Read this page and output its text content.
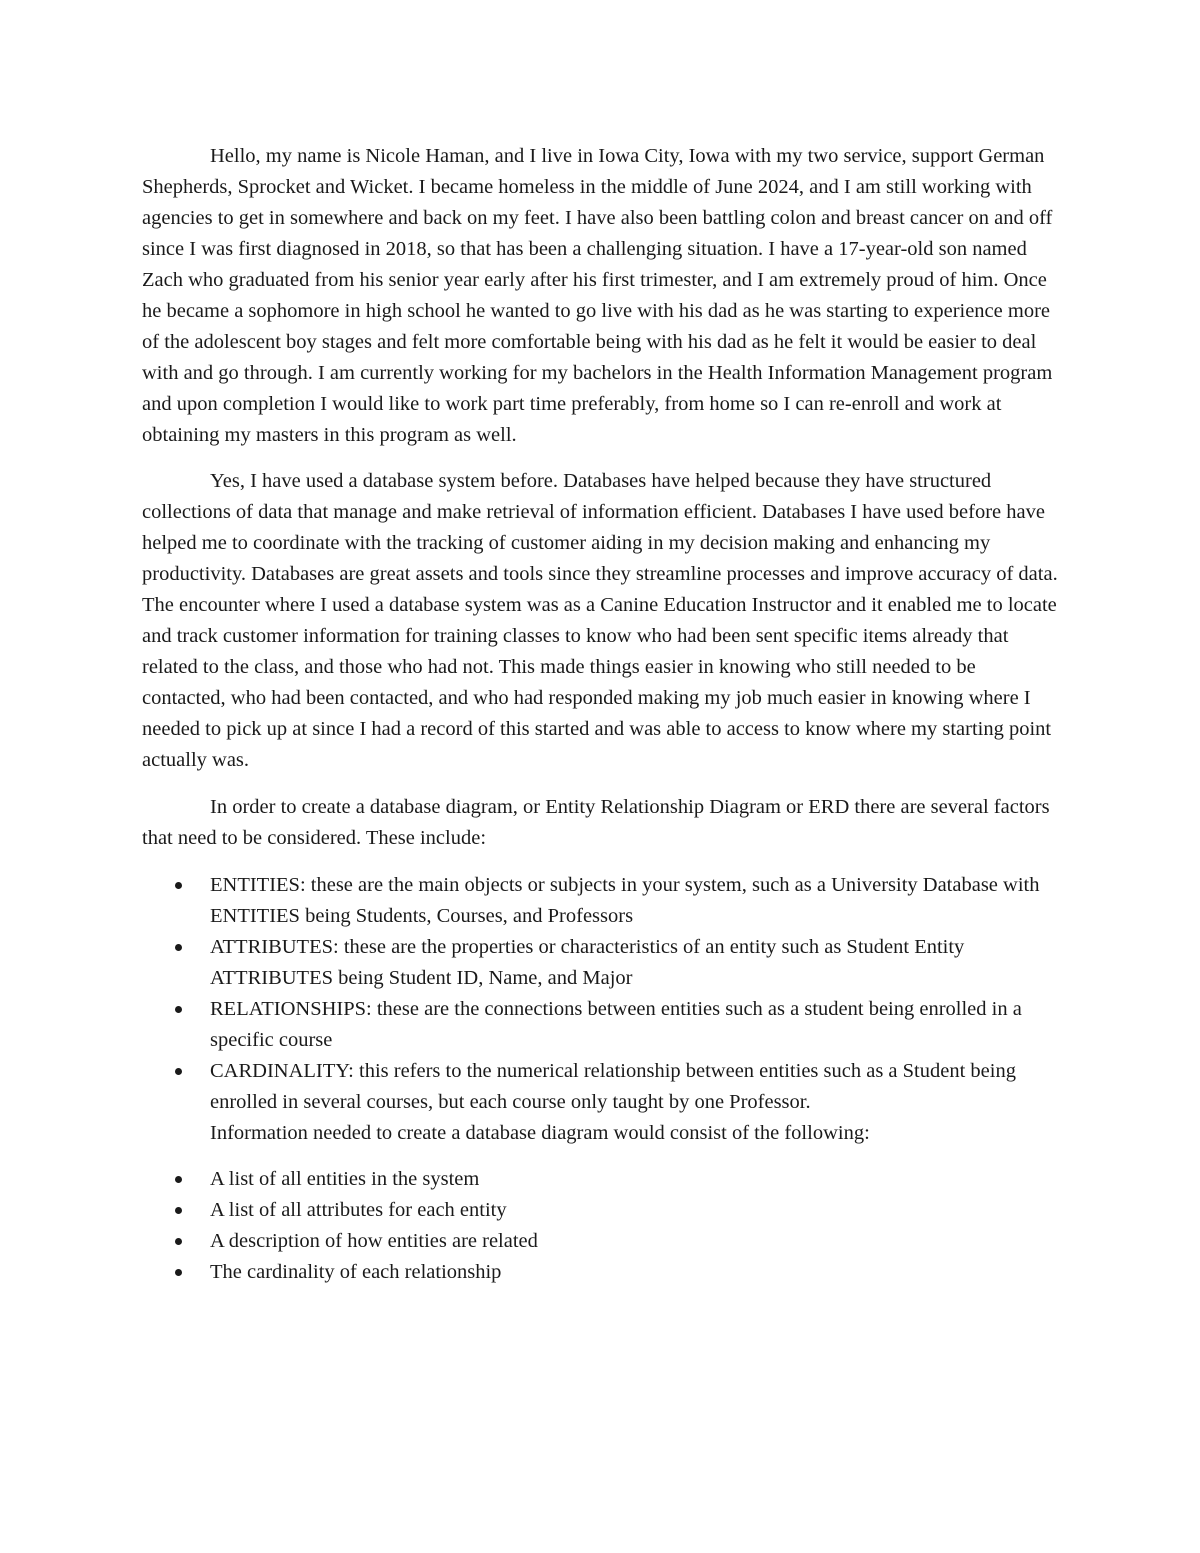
Hello, my name is Nicole Haman, and I live in Iowa City, Iowa with my two service, support German Shepherds, Sprocket and Wicket. I became homeless in the middle of June 2024, and I am still working with agencies to get in somewhere and back on my feet. I have also been battling colon and breast cancer on and off since I was first diagnosed in 2018, so that has been a challenging situation. I have a 17-year-old son named Zach who graduated from his senior year early after his first trimester, and I am extremely proud of him. Once he became a sophomore in high school he wanted to go live with his dad as he was starting to experience more of the adolescent boy stages and felt more comfortable being with his dad as he felt it would be easier to deal with and go through. I am currently working for my bachelors in the Health Information Management program and upon completion I would like to work part time preferably, from home so I can re-enroll and work at obtaining my masters in this program as well.

Yes, I have used a database system before. Databases have helped because they have structured collections of data that manage and make retrieval of information efficient. Databases I have used before have helped me to coordinate with the tracking of customer aiding in my decision making and enhancing my productivity. Databases are great assets and tools since they streamline processes and improve accuracy of data. The encounter where I used a database system was as a Canine Education Instructor and it enabled me to locate and track customer information for training classes to know who had been sent specific items already that related to the class, and those who had not. This made things easier in knowing who still needed to be contacted, who had been contacted, and who had responded making my job much easier in knowing where I needed to pick up at since I had a record of this started and was able to access to know where my starting point actually was.

In order to create a database diagram, or Entity Relationship Diagram or ERD there are several factors that need to be considered. These include:

ENTITIES: these are the main objects or subjects in your system, such as a University Database with ENTITIES being Students, Courses, and Professors
ATTRIBUTES: these are the properties or characteristics of an entity such as Student Entity ATTRIBUTES being Student ID, Name, and Major
RELATIONSHIPS: these are the connections between entities such as a student being enrolled in a specific course
CARDINALITY: this refers to the numerical relationship between entities such as a Student being enrolled in several courses, but each course only taught by one Professor.

Information needed to create a database diagram would consist of the following:

A list of all entities in the system
A list of all attributes for each entity
A description of how entities are related
The cardinality of each relationship
